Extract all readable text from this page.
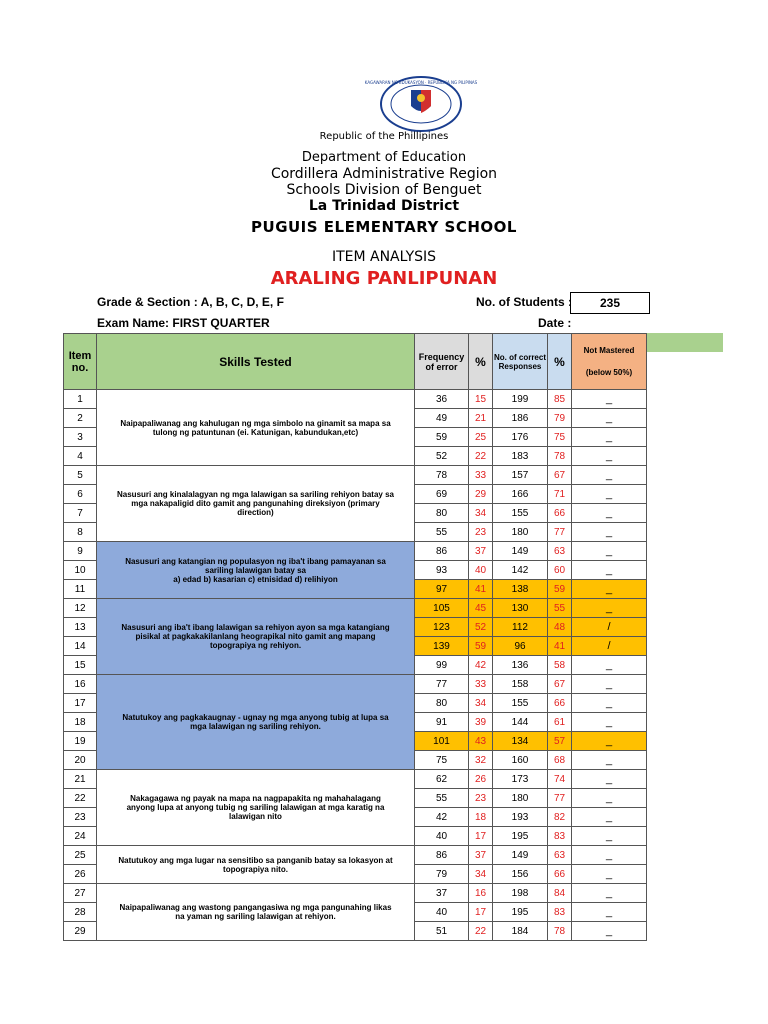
KAGAWARAN NG EDUKASYON · REPUBLIKA NG PILIPINAS
Republic of the Phillipines
Department of Education
Cordillera Administrative Region
Schools Division of Benguet
La Trinidad District
PUGUIS ELEMENTARY SCHOOL
ITEM ANALYSIS
ARALING PANLIPUNAN
Grade & Section : A, B, C, D, E, F
Exam Name: FIRST QUARTER
No. of Students :	235
Date :
Item no.	Skills Tested	Frequency of error	%	No. of correct Responses	%	Not Mastered
(below 50%)

1	Naipapaliwanag ang kahulugan ng mga simbolo na ginamit sa mapa sa tulong ng patuntunan (ei. Katunigan, kabundukan,etc)	36	15	199	85	_
2		49	21	186	79	_
3		59	25	176	75	_
4		52	22	183	78	_
5	Nasusuri ang kinalalagyan ng mga lalawigan sa sariling rehiyon batay sa mga nakapaligid dito gamit ang pangunahing direksiyon (primary direction)	78	33	157	67	_
6		69	29	166	71	_
7		80	34	155	66	_
8		55	23	180	77	_
9	Nasusuri ang katangian ng populasyon ng iba't ibang pamayanan sa sariling lalawigan batay sa
a) edad b) kasarian c) etnisidad d) relihiyon	86	37	149	63	_
10		93	40	142	60	_
11		97	41	138	59	_
12	Nasusuri ang iba't ibang lalawigan sa rehiyon ayon sa mga katangiang pisikal at pagkakakilanlang heograpikal nito gamit ang mapang topograpiya ng rehiyon.	105	45	130	55	_
13		123	52	112	48	/
14		139	59	96	41	/
15		99	42	136	58	_
16	Natutukoy ang pagkakaugnay - ugnay ng mga anyong tubig at lupa sa mga lalawigan ng sariling rehiyon.	77	33	158	67	_
17		80	34	155	66	_
18		91	39	144	61	_
19		101	43	134	57	_
20		75	32	160	68	_
21	Nakagagawa ng payak na mapa na nagpapakita ng mahahalagang anyong lupa at anyong tubig ng sariling lalawigan at mga karatig na lalawigan nito	62	26	173	74	_
22		55	23	180	77	_
23		42	18	193	82	_
24		40	17	195	83	_
25	Natutukoy ang mga lugar na sensitibo sa panganib batay sa lokasyon at topograpiya nito.	86	37	149	63	_
26		79	34	156	66	_
27	Naipapaliwanag ang wastong pangangasiwa ng mga pangunahing likas na yaman ng sariling lalawigan at rehiyon.	37	16	198	84	_
28		40	17	195	83	_
29		51	22	184	78	_
